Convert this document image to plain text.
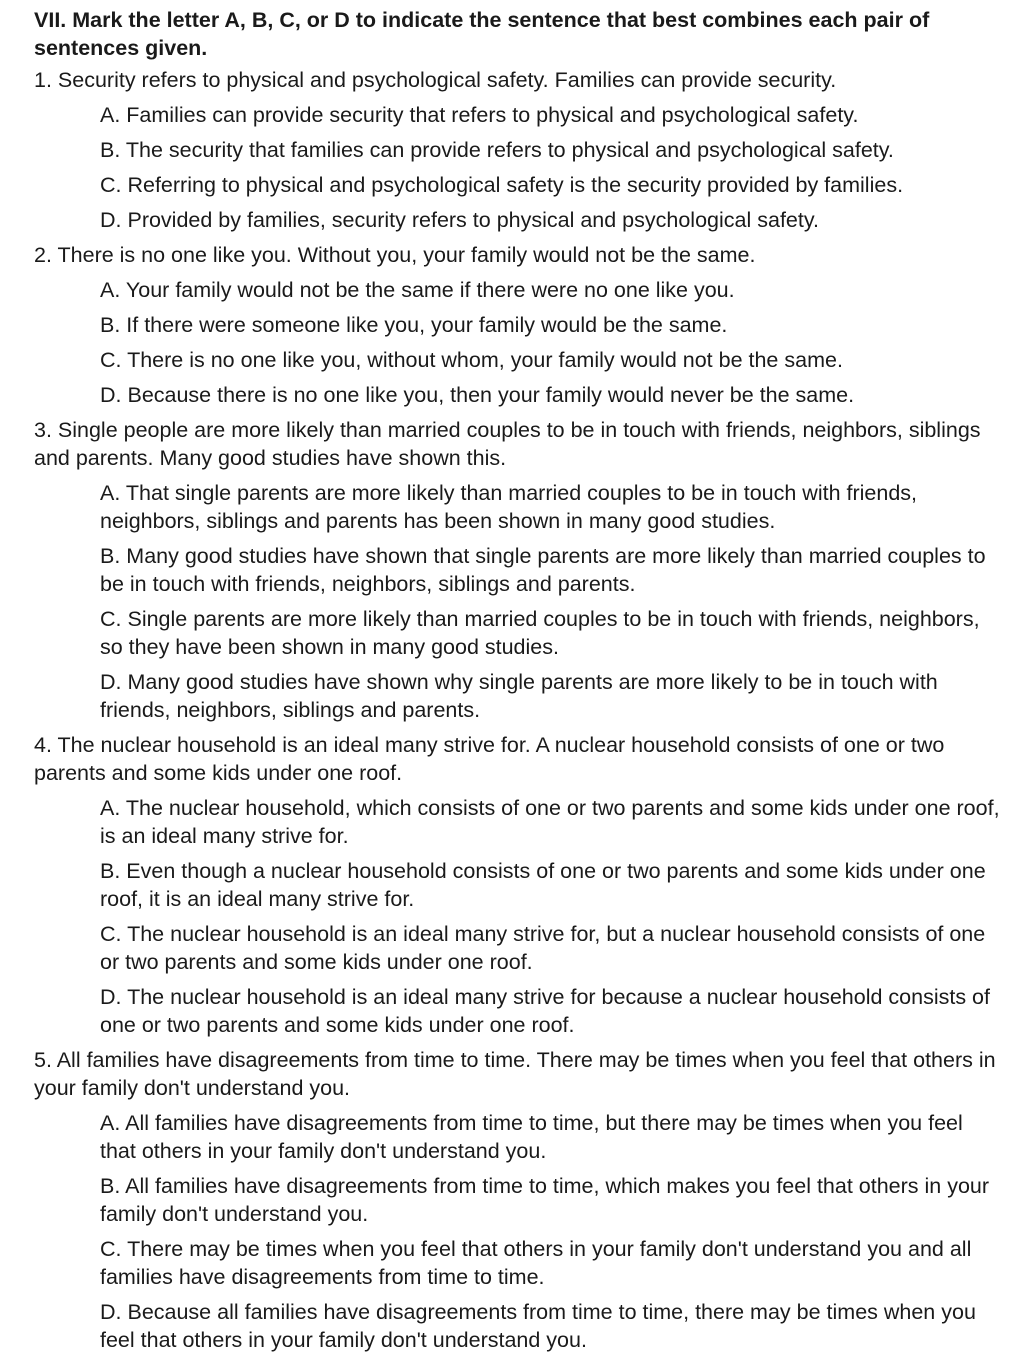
VII. Mark the letter A, B, C, or D to indicate the sentence that best combines each pair of sentences given.

1. Security refers to physical and psychological safety. Families can provide security.

A. Families can provide security that refers to physical and psychological safety.
B. The security that families can provide refers to physical and psychological safety.
C. Referring to physical and psychological safety is the security provided by families.
D. Provided by families, security refers to physical and psychological safety.

2. There is no one like you. Without you, your family would not be the same.

A. Your family would not be the same if there were no one like you.
B. If there were someone like you, your family would be the same.
C. There is no one like you, without whom, your family would not be the same.
D. Because there is no one like you, then your family would never be the same.

3. Single people are more likely than married couples to be in touch with friends, neighbors, siblings and parents. Many good studies have shown this.

A. That single parents are more likely than married couples to be in touch with friends, neighbors, siblings and parents has been shown in many good studies.
B. Many good studies have shown that single parents are more likely than married couples to be in touch with friends, neighbors, siblings and parents.
C. Single parents are more likely than married couples to be in touch with friends, neighbors, so they have been shown in many good studies.
D. Many good studies have shown why single parents are more likely to be in touch with friends, neighbors, siblings and parents.

4. The nuclear household is an ideal many strive for. A nuclear household consists of one or two parents and some kids under one roof.

A. The nuclear household, which consists of one or two parents and some kids under one roof, is an ideal many strive for.
B. Even though a nuclear household consists of one or two parents and some kids under one roof, it is an ideal many strive for.
C. The nuclear household is an ideal many strive for, but a nuclear household consists of one or two parents and some kids under one roof.
D. The nuclear household is an ideal many strive for because a nuclear household consists of one or two parents and some kids under one roof.

5. All families have disagreements from time to time. There may be times when you feel that others in your family don't understand you.

A. All families have disagreements from time to time, but there may be times when you feel that others in your family don't understand you.
B. All families have disagreements from time to time, which makes you feel that others in your family don't understand you.
C. There may be times when you feel that others in your family don't understand you and all families have disagreements from time to time.
D. Because all families have disagreements from time to time, there may be times when you feel that others in your family don't understand you.
